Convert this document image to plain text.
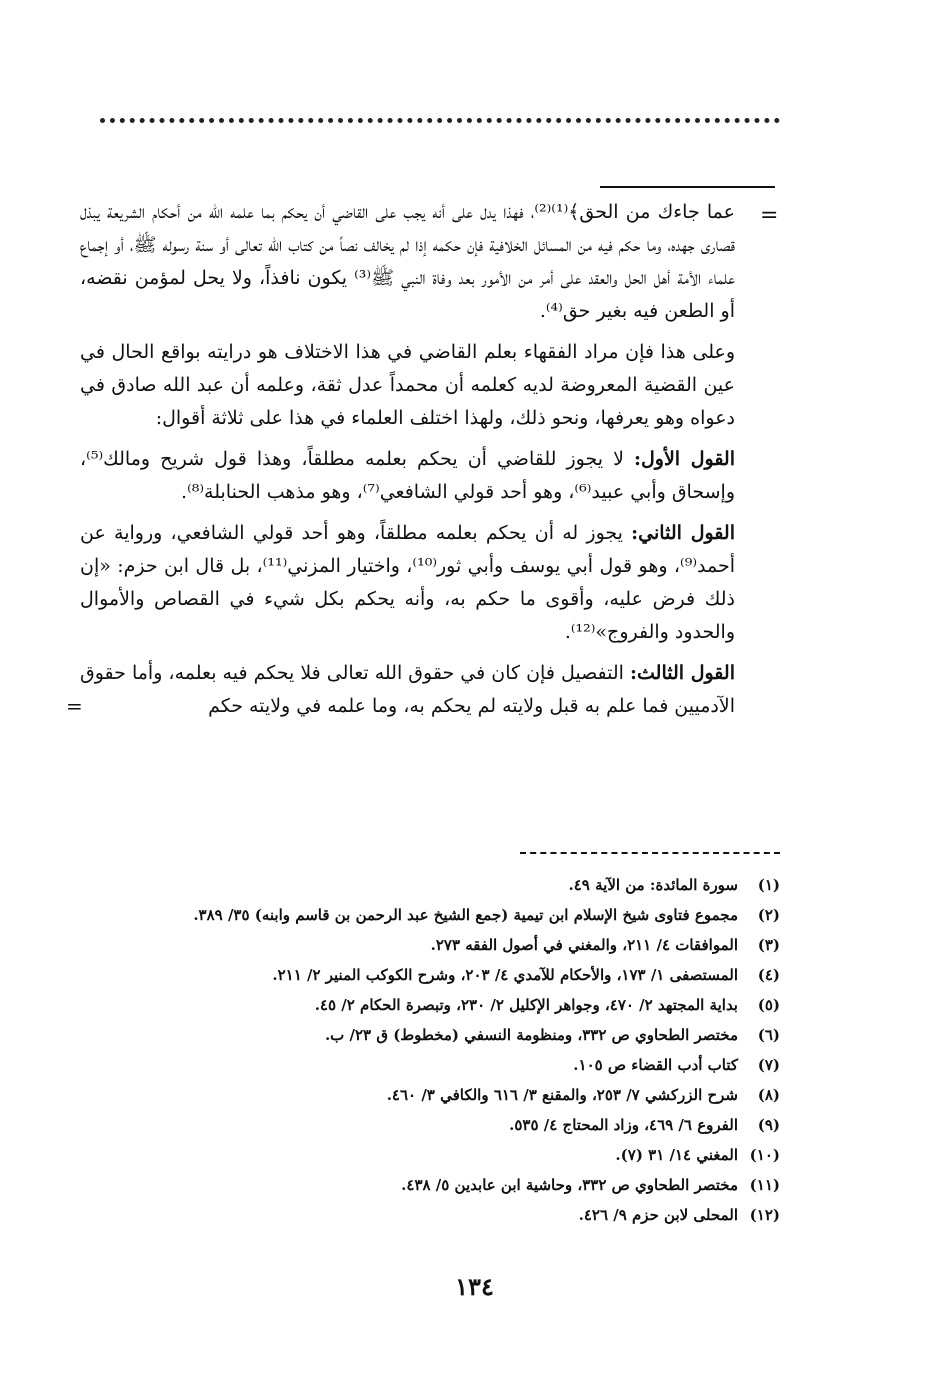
=

عما جاءك من الحق﴾⁽¹⁾⁽²⁾، فهذا يدل على أنه يجب على القاضي أن يحكم بما علمه الله من أحكام الشريعة يبذل قصارى جهده، وما حكم فيه من المسائل الخلافية فإن حكمه إذا لم يخالف نصاً من كتاب الله تعالى أو سنة رسوله ﷺ، أو إجماع علماء الأمة أهل الحل والعقد على أمر من الأمور بعد وفاة النبي ﷺ⁽³⁾ يكون نافذاً، ولا يحل لمؤمن نقضه، أو الطعن فيه بغير حق⁽⁴⁾.

وعلى هذا فإن مراد الفقهاء بعلم القاضي في هذا الاختلاف هو درايته بواقع الحال في عين القضية المعروضة لديه كعلمه أن محمداً عدل ثقة، وعلمه أن عبد الله صادق في دعواه وهو يعرفها، ونحو ذلك، ولهذا اختلف العلماء في هذا على ثلاثة أقوال:

القول الأول: لا يجوز للقاضي أن يحكم بعلمه مطلقاً، وهذا قول شريح ومالك⁽⁵⁾، وإسحاق وأبي عبيد⁽⁶⁾، وهو أحد قولي الشافعي⁽⁷⁾، وهو مذهب الحنابلة⁽⁸⁾.

القول الثاني: يجوز له أن يحكم بعلمه مطلقاً، وهو أحد قولي الشافعي، ورواية عن أحمد⁽⁹⁾، وهو قول أبي يوسف وأبي ثور⁽¹⁰⁾، واختيار المزني⁽¹¹⁾، بل قال ابن حزم: «إن ذلك فرض عليه، وأقوى ما حكم به، وأنه يحكم بكل شيء في القصاص والأموال والحدود والفروج»⁽¹²⁾.

القول الثالث: التفصيل فإن كان في حقوق الله تعالى فلا يحكم فيه بعلمه، وأما حقوق الآدميين فما علم به قبل ولايته لم يحكم به، وما علمه في ولايته حكم
=

(١)
سورة المائدة: من الآية ٤٩.
(٢)
مجموع فتاوى شيخ الإسلام ابن تيمية (جمع الشيخ عبد الرحمن بن قاسم وابنه) ٣٥/ ٣٨٩.
(٣)
الموافقات ٤/ ٢١١، والمغني في أصول الفقه ٢٧٣.
(٤)
المستصفى ١/ ١٧٣، والأحكام للآمدي ٤/ ٢٠٣، وشرح الكوكب المنير ٢/ ٢١١.
(٥)
بداية المجتهد ٢/ ٤٧٠، وجواهر الإكليل ٢/ ٢٣٠، وتبصرة الحكام ٢/ ٤٥.
(٦)
مختصر الطحاوي ص ٣٣٢، ومنظومة النسفي (مخطوط) ق ٢٣/ ب.
(٧)
كتاب أدب القضاء ص ١٠٥.
(٨)
شرح الزركشي ٧/ ٢٥٣، والمقنع ٣/ ٦١٦ والكافي ٣/ ٤٦٠.
(٩)
الفروع ٦/ ٤٦٩، وزاد المحتاج ٤/ ٥٣٥.
(١٠)
المغني ١٤/ ٣١ (٧).
(١١)
مختصر الطحاوي ص ٣٣٢، وحاشية ابن عابدين ٥/ ٤٣٨.
(١٢)
المحلى لابن حزم ٩/ ٤٢٦.
١٣٤
